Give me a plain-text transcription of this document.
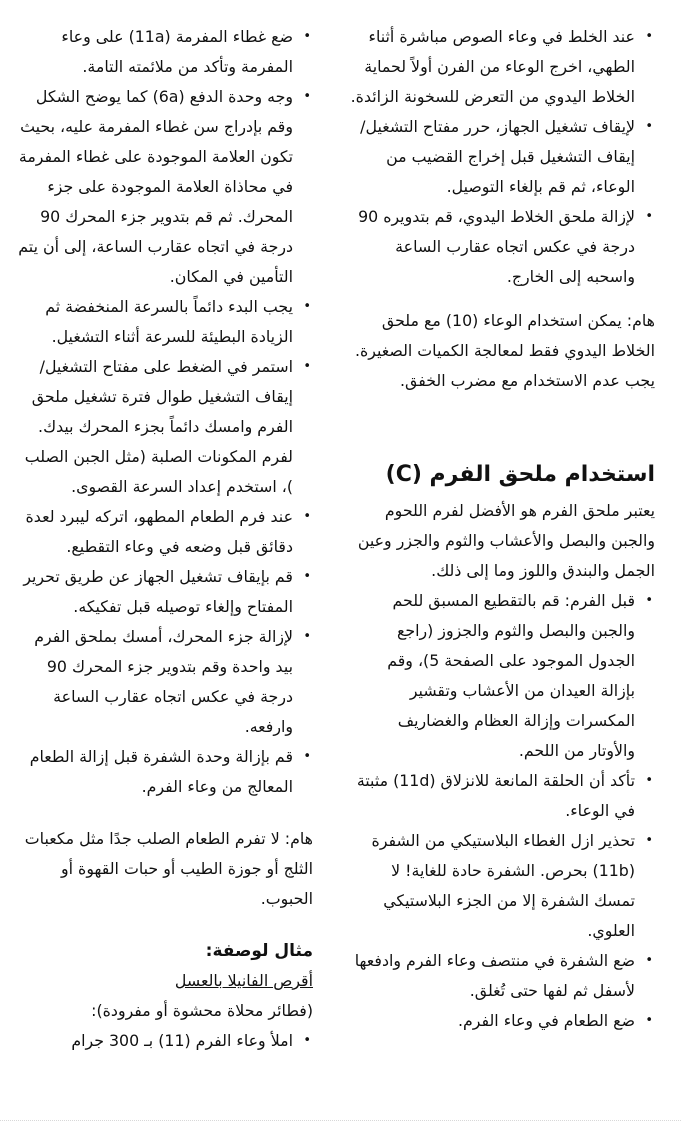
•
عند الخلط في وعاء الصوص مباشرة أثناء الطهي، اخرج الوعاء من الفرن أولاً لحماية الخلاط اليدوي من التعرض للسخونة الزائدة.
•
لإيقاف تشغيل الجهاز، حرر مفتاح التشغيل/إيقاف التشغيل قبل إخراج القضيب من الوعاء، ثم قم بإلغاء التوصيل.
•
لإزالة ملحق الخلاط اليدوي، قم بتدويره 90 درجة في عكس اتجاه عقارب الساعة واسحبه إلى الخارج.

هام: يمكن استخدام الوعاء (10) مع ملحق الخلاط اليدوي فقط لمعالجة الكميات الصغيرة. يجب عدم الاستخدام مع مضرب الخفق.

استخدام ملحق الفرم (C)

يعتبر ملحق الفرم هو الأفضل لفرم اللحوم والجبن والبصل والأعشاب والثوم والجزر وعين الجمل والبندق واللوز وما إلى ذلك.

•
قبل الفرم: قم بالتقطيع المسبق للحم والجبن والبصل والثوم والجزوز (راجع الجدول الموجود على الصفحة 5)، وقم بإزالة العيدان من الأعشاب وتقشير المكسرات وإزالة العظام والغضاريف والأوتار من اللحم.
•
تأكد أن الحلقة المانعة للانزلاق (11d) مثبتة في الوعاء.
•
تحذير ازل الغطاء البلاستيكي من الشفرة (11b) بحرص. الشفرة حادة للغاية! لا تمسك الشفرة إلا من الجزء البلاستيكي العلوي.
•
ضع الشفرة في منتصف وعاء الفرم وادفعها لأسفل ثم لفها حتى تُغلق.
•
ضع الطعام في وعاء الفرم.
•
ضع غطاء المفرمة (11a) على وعاء المفرمة وتأكد من ملائمته التامة.
•
وجه وحدة الدفع (6a) كما يوضح الشكل وقم بإدراج سن غطاء المفرمة عليه، بحيث تكون العلامة الموجودة على غطاء المفرمة في محاذاة العلامة الموجودة على جزء المحرك. ثم قم بتدوير جزء المحرك 90 درجة في اتجاه عقارب الساعة، إلى أن يتم التأمين في المكان.
•
يجب البدء دائماً بالسرعة المنخفضة ثم الزيادة البطيئة للسرعة أثناء التشغيل.
•
استمر في الضغط على مفتاح التشغيل/إيقاف التشغيل طوال فترة تشغيل ملحق الفرم وامسك دائماً بجزء المحرك بيدك. لفرم المكونات الصلبة (مثل الجبن الصلب )، استخدم إعداد السرعة القصوى.
•
عند فرم الطعام المطهو، اتركه ليبرد لعدة دقائق قبل وضعه في وعاء التقطيع.
•
قم بإيقاف تشغيل الجهاز عن طريق تحرير المفتاح وإلغاء توصيله قبل تفكيكه.
•
لإزالة جزء المحرك، أمسك بملحق الفرم بيد واحدة وقم بتدوير جزء المحرك 90 درجة في عكس اتجاه عقارب الساعة وارفعه.
•
قم بإزالة وحدة الشفرة قبل إزالة الطعام المعالج من وعاء الفرم.

هام: لا تفرم الطعام الصلب جدًا مثل مكعبات الثلج أو جوزة الطيب أو حبات القهوة أو الحبوب.

مثال لوصفة:

أقرص الفانيلا بالعسل

(فطائر محلاة محشوة أو مفرودة):

•
املأ وعاء الفرم (11) بـ 300 جرام
